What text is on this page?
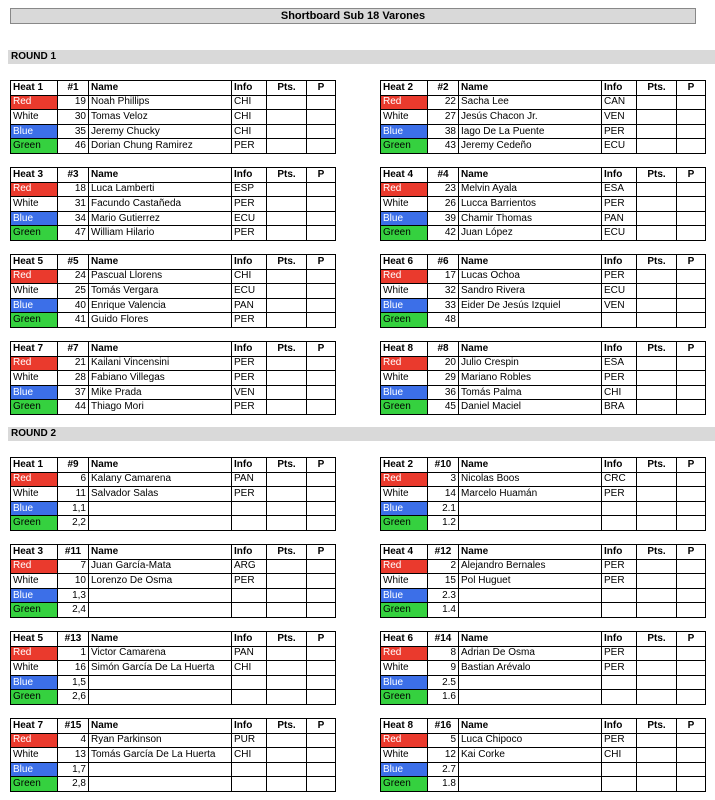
Shortboard Sub 18 Varones
ROUND 1
Heat 1	#1	Name	Info	Pts.	P
Red	19	Noah Phillips	CHI		
White	30	Tomas Veloz	CHI		
Blue	35	Jeremy Chucky	CHI		
Green	46	Dorian Chung Ramirez	PER		
Heat 2	#2	Name	Info	Pts.	P
Red	22	Sacha Lee	CAN		
White	27	Jesús Chacon Jr.	VEN		
Blue	38	Iago De La Puente	PER		
Green	43	Jeremy Cedeño	ECU		
Heat 3	#3	Name	Info	Pts.	P
Red	18	Luca Lamberti	ESP		
White	31	Facundo Castañeda	PER		
Blue	34	Mario Gutierrez	ECU		
Green	47	William Hilario	PER		
Heat 4	#4	Name	Info	Pts.	P
Red	23	Melvin Ayala	ESA		
White	26	Lucca Barrientos	PER		
Blue	39	Chamir Thomas	PAN		
Green	42	Juan López	ECU		
Heat 5	#5	Name	Info	Pts.	P
Red	24	Pascual Llorens	CHI		
White	25	Tomás Vergara	ECU		
Blue	40	Enrique Valencia	PAN		
Green	41	Guido Flores	PER		
Heat 6	#6	Name	Info	Pts.	P
Red	17	Lucas Ochoa	PER		
White	32	Sandro Rivera	ECU		
Blue	33	Eider De Jesús Izquiel	VEN		
Green	48				
Heat 7	#7	Name	Info	Pts.	P
Red	21	Kailani Vincensini	PER		
White	28	Fabiano Villegas	PER		
Blue	37	Mike Prada	VEN		
Green	44	Thiago Mori	PER		
Heat 8	#8	Name	Info	Pts.	P
Red	20	Julio Crespin	ESA		
White	29	Mariano Robles	PER		
Blue	36	Tomás Palma	CHI		
Green	45	Daniel Maciel	BRA		
ROUND 2
Heat 1	#9	Name	Info	Pts.	P
Red	6	Kalany Camarena	PAN		
White	11	Salvador Salas	PER		
Blue	1,1				
Green	2,2				
Heat 2	#10	Name	Info	Pts.	P
Red	3	Nicolas Boos	CRC		
White	14	Marcelo Huamán	PER		
Blue	2.1				
Green	1.2				
Heat 3	#11	Name	Info	Pts.	P
Red	7	Juan García-Mata	ARG		
White	10	Lorenzo De Osma	PER		
Blue	1,3				
Green	2,4				
Heat 4	#12	Name	Info	Pts.	P
Red	2	Alejandro Bernales	PER		
White	15	Pol Huguet	PER		
Blue	2.3				
Green	1.4				
Heat 5	#13	Name	Info	Pts.	P
Red	1	Victor Camarena	PAN		
White	16	Simón García De La Huerta	CHI		
Blue	1,5				
Green	2,6				
Heat 6	#14	Name	Info	Pts.	P
Red	8	Adrian De Osma	PER		
White	9	Bastian Arévalo	PER		
Blue	2.5				
Green	1.6				
Heat 7	#15	Name	Info	Pts.	P
Red	4	Ryan Parkinson	PUR		
White	13	Tomás García De La Huerta	CHI		
Blue	1,7				
Green	2,8				
Heat 8	#16	Name	Info	Pts.	P
Red	5	Luca Chipoco	PER		
White	12	Kai Corke	CHI		
Blue	2.7				
Green	1.8				
